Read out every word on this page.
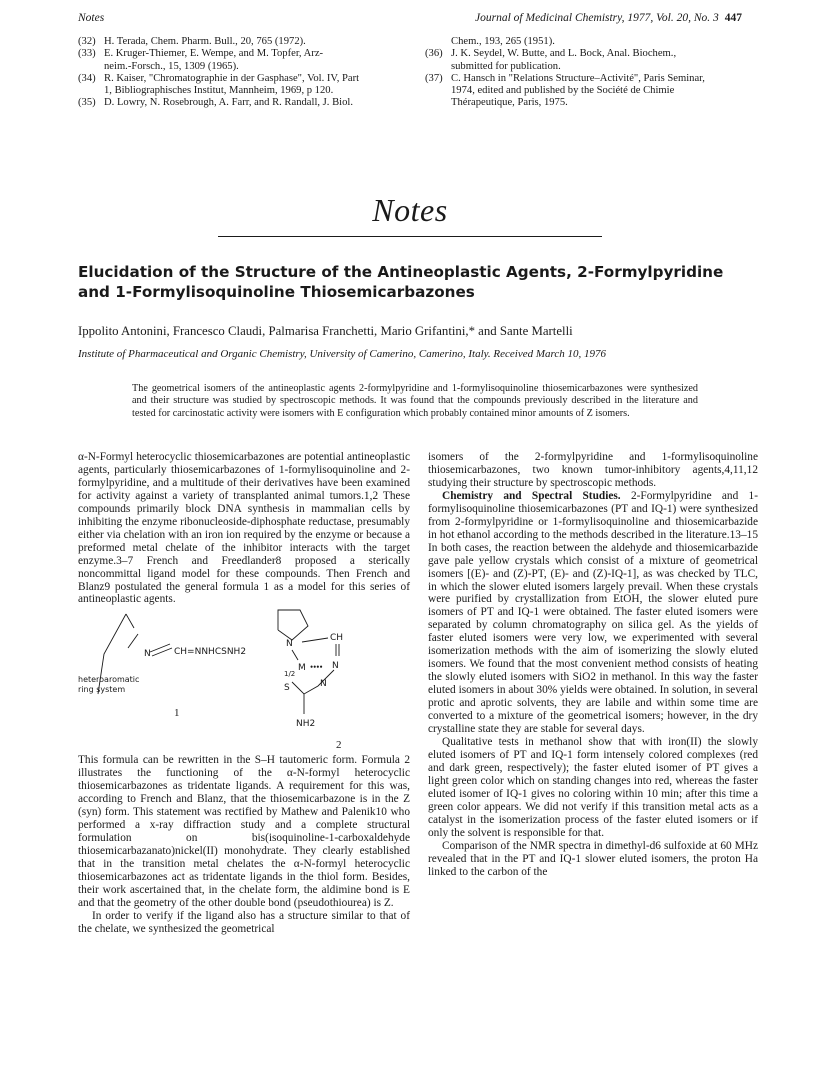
Notes	Journal of Medicinal Chemistry, 1977, Vol. 20, No. 3 447
(32) H. Terada, Chem. Pharm. Bull., 20, 765 (1972).
(33) E. Kruger-Thiemer, E. Wempe, and M. Topfer, Arz-
neim.-Forsch., 15, 1309 (1965).
(34) R. Kaiser, "Chromatographie in der Gasphase", Vol. IV, Part
1, Bibliographisches Institut, Mannheim, 1969, p 120.
(35) D. Lowry, N. Rosebrough, A. Farr, and R. Randall, J. Biol.
Chem., 193, 265 (1951).
(36) J. K. Seydel, W. Butte, and L. Bock, Anal. Biochem.,
submitted for publication.
(37) C. Hansch in "Relations Structure–Activité", Paris Seminar,
1974, edited and published by the Société de Chimie
Thérapeutique, Paris, 1975.
Notes
Elucidation of the Structure of the Antineoplastic Agents, 2-Formylpyridine and 1-Formylisoquinoline Thiosemicarbazones
Ippolito Antonini, Francesco Claudi, Palmarisa Franchetti, Mario Grifantini,* and Sante Martelli
Institute of Pharmaceutical and Organic Chemistry, University of Camerino, Camerino, Italy. Received March 10, 1976
The geometrical isomers of the antineoplastic agents 2-formylpyridine and 1-formylisoquinoline thiosemicarbazones were synthesized and their structure was studied by spectroscopic methods. It was found that the compounds previously described in the literature and tested for carcinostatic activity were isomers with E configuration which probably contained minor amounts of Z isomers.

α-N-Formyl heterocyclic thiosemicarbazones are potential antineoplastic agents, particularly thiosemicarbazones of 1-formylisoquinoline and 2-formylpyridine, and a multitude of their derivatives have been examined for activity against a variety of transplanted animal tumors.1,2 These compounds primarily block DNA synthesis in mammalian cells by inhibiting the enzyme ribonucleoside-diphosphate reductase, presumably either via chelation with an iron ion required by the enzyme or because a preformed metal chelate of the inhibitor interacts with the target enzyme.3–7 French and Freedlander8 proposed a sterically noncommittal ligand model for these compounds. Then French and Blanz9 postulated the general formula 1 as a model for this series of antineoplastic agents.

N	CH=NNHCSNH2
heteroaromatic
ring system
1
N
CH
1/2
M •••• N
S	N
NH2
2

This formula can be rewritten in the S–H tautomeric form. Formula 2 illustrates the functioning of the α-N-formyl heterocyclic thiosemicarbazones as tridentate ligands. A requirement for this was, according to French and Blanz, that the thiosemicarbazone is in the Z (syn) form. This statement was rectified by Mathew and Palenik10 who performed a x-ray diffraction study and a complete structural formulation on bis(isoquinoline-1-carboxaldehyde thiosemicarbazanato)nickel(II) monohydrate. They clearly established that in the transition metal chelates the α-N-formyl heterocyclic thiosemicarbazones act as tridentate ligands in the thiol form. Besides, their work ascertained that, in the chelate form, the aldimine bond is E and that the geometry of the other double bond (pseudothiourea) is Z.

In order to verify if the ligand also has a structure similar to that of the chelate, we synthesized the geometrical

isomers of the 2-formylpyridine and 1-formylisoquinoline thiosemicarbazones, two known tumor-inhibitory agents,4,11,12 studying their structure by spectroscopic methods.

Chemistry and Spectral Studies. 2-Formylpyridine and 1-formylisoquinoline thiosemicarbazones (PT and IQ-1) were synthesized from 2-formylpyridine or 1-formylisoquinoline and thiosemicarbazide in hot ethanol according to the methods described in the literature.13–15 In both cases, the reaction between the aldehyde and thiosemicarbazide gave pale yellow crystals which consist of a mixture of geometrical isomers [(E)- and (Z)-PT, (E)- and (Z)-IQ-1], as was checked by TLC, in which the slower eluted isomers largely prevail. When these crystals were purified by crystallization from EtOH, the slower eluted pure isomers of PT and IQ-1 were obtained. The faster eluted isomers were separated by column chromatography on silica gel. As the yields of faster eluted isomers were very low, we experimented with several isomerization methods with the aim of isomerizing the slowly eluted isomers. We found that the most convenient method consists of heating the slowly eluted isomers with SiO2 in methanol. In this way the faster eluted isomers in about 30% yields were obtained. In solution, in several protic and aprotic solvents, they are labile and within some time are converted to a mixture of the geometrical isomers; however, in the dry crystalline state they are stable for several days.

Qualitative tests in methanol show that with iron(II) the slowly eluted isomers of PT and IQ-1 form intensely colored complexes (red and dark green, respectively); the faster eluted isomer of PT gives a light green color which on standing changes into red, whereas the faster eluted isomer of IQ-1 gives no coloring within 10 min; after this time a green color appears. We did not verify if this transition metal acts as a catalyst in the isomerization process of the faster eluted isomers or if only the solvent is responsible for that.

Comparison of the NMR spectra in dimethyl-d6 sulfoxide at 60 MHz revealed that in the PT and IQ-1 slower eluted isomers, the proton Ha linked to the carbon of the
